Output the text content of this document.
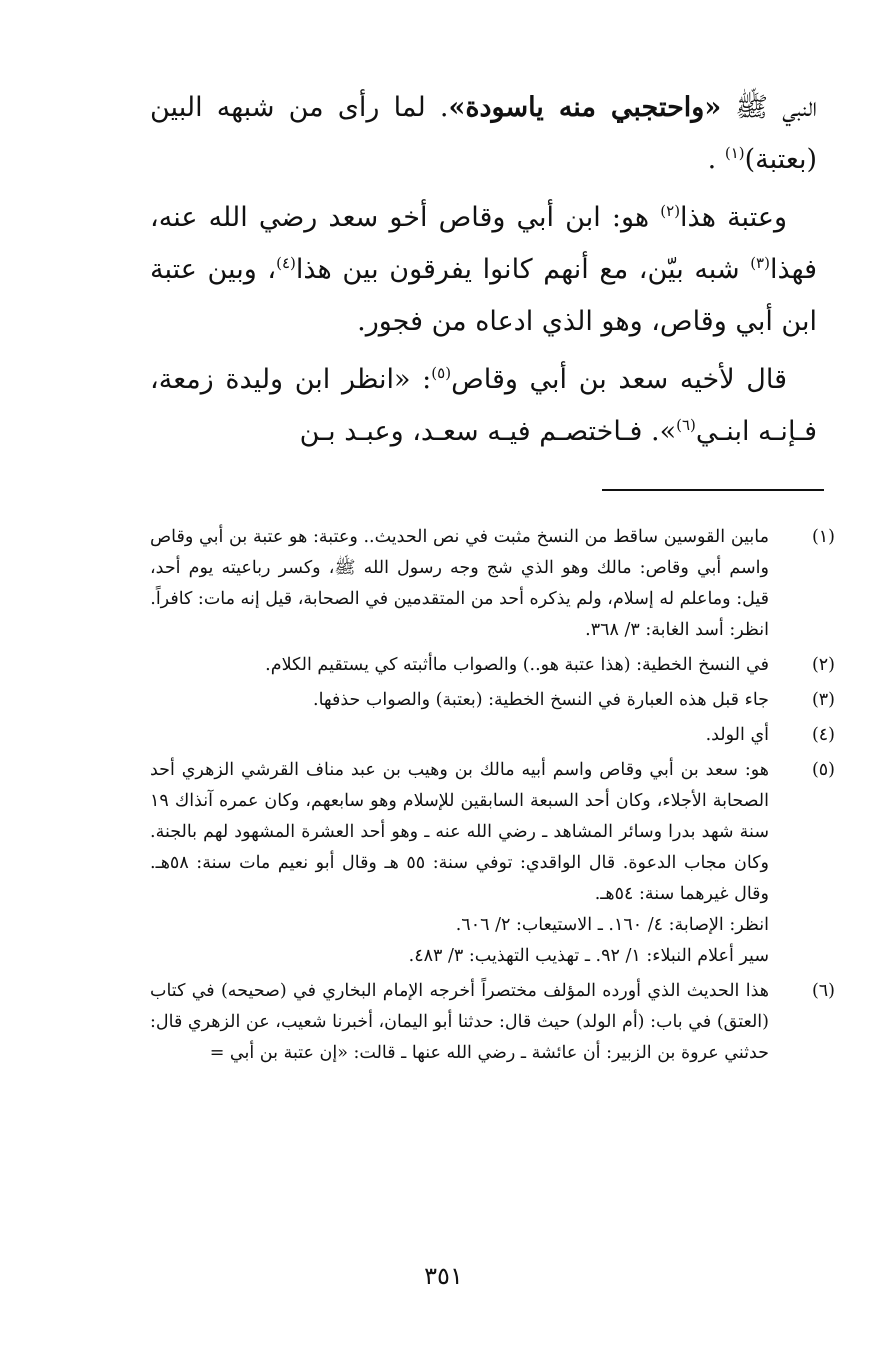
النبي ﷺ «واحتجبي منه ياسودة». لما رأى من شبهه البين (بعتبة)$^{(١)}$ .

وعتبة هذا$^{(٢)}$ هو: ابن أبي وقاص أخو سعد رضي الله عنه، فهذا$^{(٣)}$ شبه بيّن، مع أنهم كانوا يفرقون بين هذا$^{(٤)}$، وبين عتبة ابن أبي وقاص، وهو الذي ادعاه من فجور.

قال لأخيه سعد بن أبي وقاص$^{(٥)}$: «انظر ابن وليدة زمعة، فـإنـه ابنـي$^{(٦)}$». فـاختصـم فيـه سعـد، وعبـد بـن

(١)
مابين القوسين ساقط من النسخ مثبت في نص الحديث.. وعتبة: هو عتبة بن أبي وقاص واسم أبي وقاص: مالك وهو الذي شج وجه رسول الله ﷺ، وكسر رباعيته يوم أحد، قيل: وماعلم له إسلام، ولم يذكره أحد من المتقدمين في الصحابة، قيل إنه مات: كافراً.
انظر: أسد الغابة: ٣/ ٣٦٨.
(٢)
في النسخ الخطية: (هذا عتبة هو..) والصواب ماأثبته كي يستقيم الكلام.
(٣)
جاء قبل هذه العبارة في النسخ الخطية: (بعتبة) والصواب حذفها.
(٤)
أي الولد.
(٥)
هو: سعد بن أبي وقاص واسم أبيه مالك بن وهيب بن عبد مناف القرشي الزهري أحد الصحابة الأجلاء، وكان أحد السبعة السابقين للإسلام وهو سابعهم، وكان عمره آنذاك ١٩ سنة شهد بدرا وسائر المشاهد ـ رضي الله عنه ـ وهو أحد العشرة المشهود لهم بالجنة. وكان مجاب الدعوة. قال الواقدي: توفي سنة: ٥٥ هـ وقال أبو نعيم مات سنة: ٥٨هـ. وقال غيرهما سنة: ٥٤هـ.
انظر: الإصابة: ٤/ ١٦٠. ـ الاستيعاب: ٢/ ٦٠٦.
سير أعلام النبلاء: ١/ ٩٢. ـ تهذيب التهذيب: ٣/ ٤٨٣.
(٦)
هذا الحديث الذي أورده المؤلف مختصراً أخرجه الإمام البخاري في (صحيحه) في كتاب (العتق) في باب: (أم الولد) حيث قال: حدثنا أبو اليمان، أخبرنا شعيب، عن الزهري قال: حدثني عروة بن الزبير: أن عائشة ـ رضي الله عنها ـ قالت: «إن عتبة بن أبي =
٣٥١
